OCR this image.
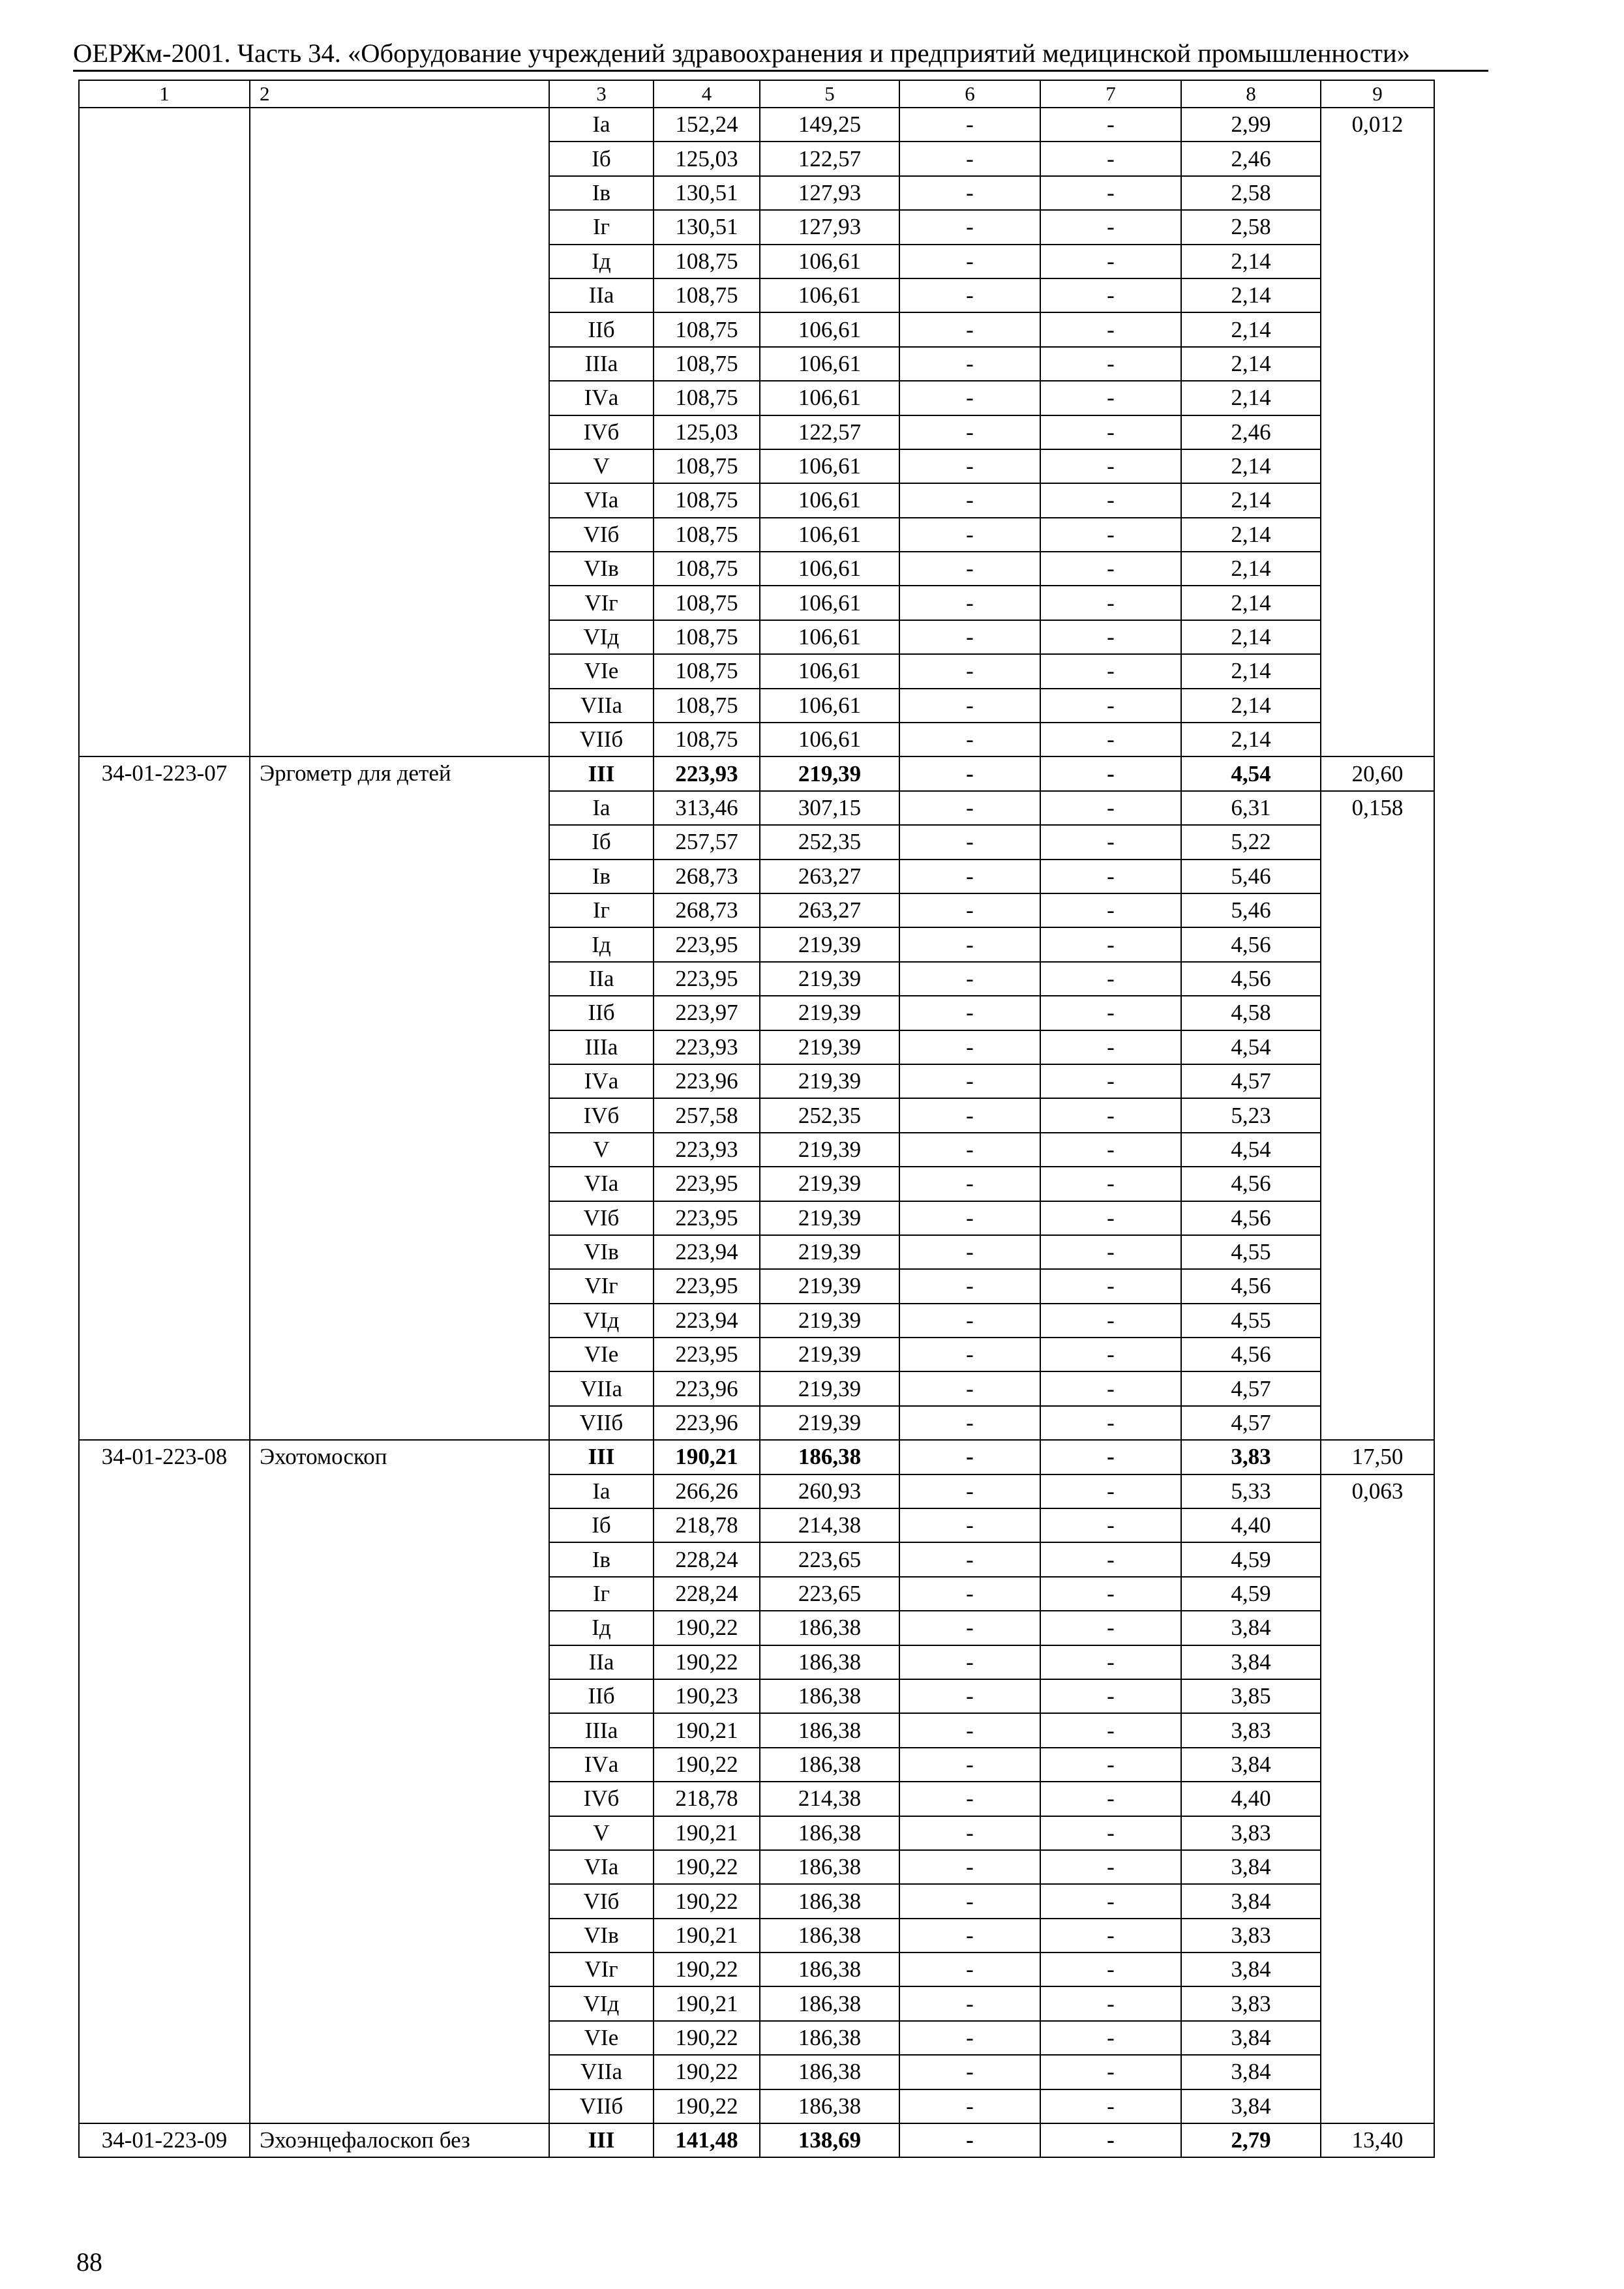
ОЕРЖм-2001. Часть 34. «Оборудование учреждений здравоохранения и предприятий медицинской промышленности»
1	2	3	4	5	6	7	8	9
		Iа	152,24	149,25	-	-	2,99	0,012
		Iб	125,03	122,57	-	-	2,46	
		Iв	130,51	127,93	-	-	2,58	
		Iг	130,51	127,93	-	-	2,58	
		Iд	108,75	106,61	-	-	2,14	
		IIа	108,75	106,61	-	-	2,14	
		IIб	108,75	106,61	-	-	2,14	
		IIIа	108,75	106,61	-	-	2,14	
		IVа	108,75	106,61	-	-	2,14	
		IVб	125,03	122,57	-	-	2,46	
		V	108,75	106,61	-	-	2,14	
		VIа	108,75	106,61	-	-	2,14	
		VIб	108,75	106,61	-	-	2,14	
		VIв	108,75	106,61	-	-	2,14	
		VIг	108,75	106,61	-	-	2,14	
		VIд	108,75	106,61	-	-	2,14	
		VIе	108,75	106,61	-	-	2,14	
		VIIа	108,75	106,61	-	-	2,14	
		VIIб	108,75	106,61	-	-	2,14	
34-01-223-07	Эргометр для детей	III	223,93	219,39	-	-	4,54	20,60
		Iа	313,46	307,15	-	-	6,31	0,158
		Iб	257,57	252,35	-	-	5,22	
		Iв	268,73	263,27	-	-	5,46	
		Iг	268,73	263,27	-	-	5,46	
		Iд	223,95	219,39	-	-	4,56	
		IIа	223,95	219,39	-	-	4,56	
		IIб	223,97	219,39	-	-	4,58	
		IIIа	223,93	219,39	-	-	4,54	
		IVа	223,96	219,39	-	-	4,57	
		IVб	257,58	252,35	-	-	5,23	
		V	223,93	219,39	-	-	4,54	
		VIа	223,95	219,39	-	-	4,56	
		VIб	223,95	219,39	-	-	4,56	
		VIв	223,94	219,39	-	-	4,55	
		VIг	223,95	219,39	-	-	4,56	
		VIд	223,94	219,39	-	-	4,55	
		VIе	223,95	219,39	-	-	4,56	
		VIIа	223,96	219,39	-	-	4,57	
		VIIб	223,96	219,39	-	-	4,57	
34-01-223-08	Эхотомоскоп	III	190,21	186,38	-	-	3,83	17,50
		Iа	266,26	260,93	-	-	5,33	0,063
		Iб	218,78	214,38	-	-	4,40	
		Iв	228,24	223,65	-	-	4,59	
		Iг	228,24	223,65	-	-	4,59	
		Iд	190,22	186,38	-	-	3,84	
		IIа	190,22	186,38	-	-	3,84	
		IIб	190,23	186,38	-	-	3,85	
		IIIа	190,21	186,38	-	-	3,83	
		IVа	190,22	186,38	-	-	3,84	
		IVб	218,78	214,38	-	-	4,40	
		V	190,21	186,38	-	-	3,83	
		VIа	190,22	186,38	-	-	3,84	
		VIб	190,22	186,38	-	-	3,84	
		VIв	190,21	186,38	-	-	3,83	
		VIг	190,22	186,38	-	-	3,84	
		VIд	190,21	186,38	-	-	3,83	
		VIе	190,22	186,38	-	-	3,84	
		VIIа	190,22	186,38	-	-	3,84	
		VIIб	190,22	186,38	-	-	3,84	
34-01-223-09	Эхоэнцефалоскоп без	III	141,48	138,69	-	-	2,79	13,40
88
